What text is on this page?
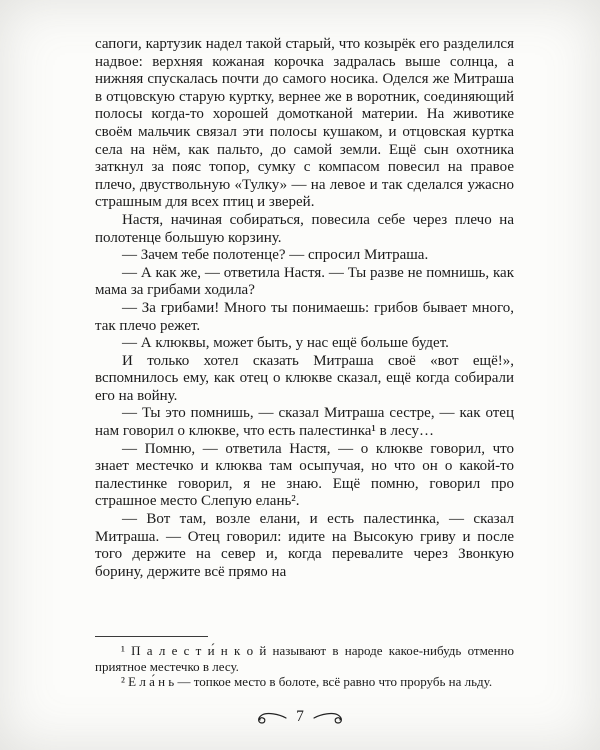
сапоги, картузик надел такой старый, что козырёк его разделился надвое: верхняя кожаная корочка задралась выше солнца, а нижняя спускалась почти до самого носика. Оделся же Митраша в отцовскую старую куртку, вернее же в воротник, соединяющий полосы когда-то хорошей домотканой материи. На животике своём мальчик связал эти полосы кушаком, и отцовская куртка села на нём, как пальто, до самой земли. Ещё сын охотника заткнул за пояс топор, сумку с компасом повесил на правое плечо, двуствольную «Тулку» — на левое и так сделался ужасно страшным для всех птиц и зверей.

Настя, начиная собираться, повесила себе через плечо на полотенце большую корзину.

— Зачем тебе полотенце? — спросил Митраша.

— А как же, — ответила Настя. — Ты разве не помнишь, как мама за грибами ходила?

— За грибами! Много ты понимаешь: грибов бывает много, так плечо режет.

— А клюквы, может быть, у нас ещё больше будет.

И только хотел сказать Митраша своё «вот ещё!», вспомнилось ему, как отец о клюкве сказал, ещё когда собирали его на войну.

— Ты это помнишь, — сказал Митраша сестре, — как отец нам говорил о клюкве, что есть палестинка¹ в лесу…

— Помню, — ответила Настя, — о клюкве говорил, что знает местечко и клюква там осыпучая, но что он о какой-то палестинке говорил, я не знаю. Ещё помню, говорил про страшное место Слепую елань².

— Вот там, возле елани, и есть палестинка, — сказал Митраша. — Отец говорил: идите на Высокую гриву и после того держите на север и, когда перевалите через Звонкую борину, держите всё прямо на

¹ П а л е с т и́ н к о й называют в народе какое-нибудь отменно приятное местечко в лесу.

² Е л а́ н ь — топкое место в болоте, всё равно что прорубь на льду.

7
